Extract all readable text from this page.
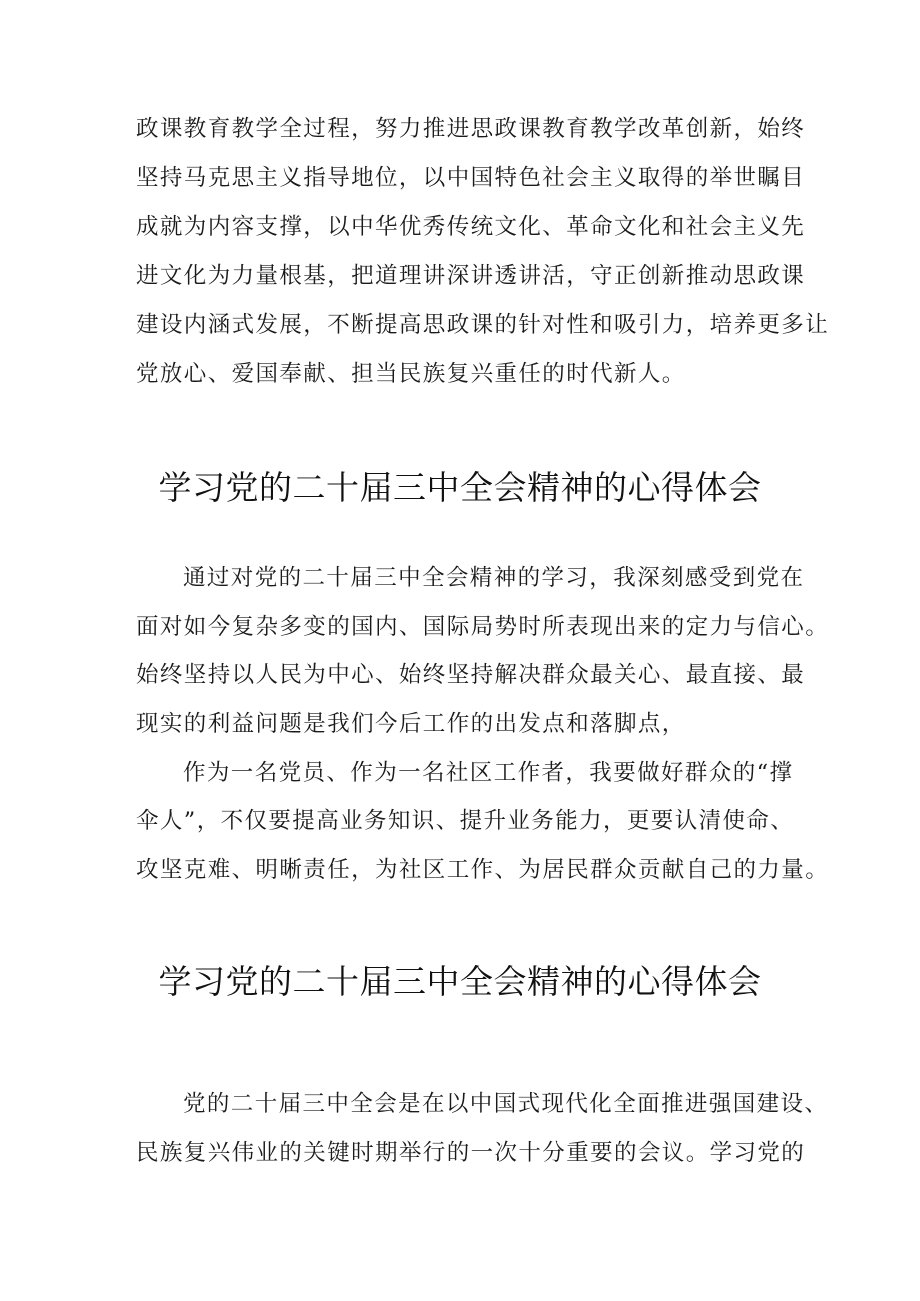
政课教育教学全过程，努力推进思政课教育教学改革创新，始终
坚持马克思主义指导地位，以中国特色社会主义取得的举世瞩目
成就为内容支撑，以中华优秀传统文化、革命文化和社会主义先
进文化为力量根基，把道理讲深讲透讲活，守正创新推动思政课
建设内涵式发展，不断提高思政课的针对性和吸引力，培养更多让
党放心、爱国奉献、担当民族复兴重任的时代新人。
学习党的二十届三中全会精神的心得体会
通过对党的二十届三中全会精神的学习，我深刻感受到党在
面对如今复杂多变的国内、国际局势时所表现出来的定力与信心。
始终坚持以人民为中心、始终坚持解决群众最关心、最直接、最
现实的利益问题是我们今后工作的出发点和落脚点，
作为一名党员、作为一名社区工作者，我要做好群众的“撑
伞人”，不仅要提高业务知识、提升业务能力，更要认清使命、
攻坚克难、明晰责任，为社区工作、为居民群众贡献自己的力量。
学习党的二十届三中全会精神的心得体会
党的二十届三中全会是在以中国式现代化全面推进强国建设、
民族复兴伟业的关键时期举行的一次十分重要的会议。学习党的
